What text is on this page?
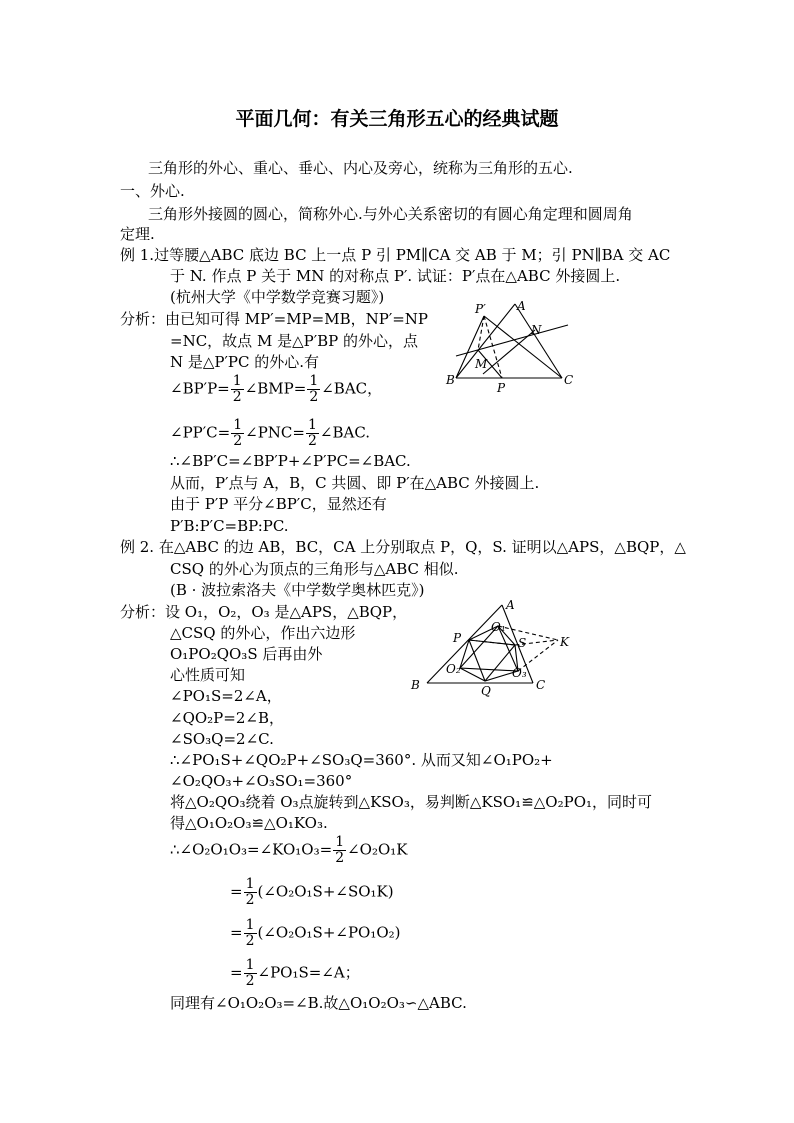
平面几何：有关三角形五心的经典试题
三角形的外心、重心、垂心、内心及旁心，统称为三角形的五心.
一、外心.
三角形外接圆的圆心，简称外心.与外心关系密切的有圆心角定理和圆周角
定理.
例 1.过等腰△ABC 底边 BC 上一点 P 引 PM∥CA 交 AB 于 M；引 PN∥BA 交 AC
于 N. 作点 P 关于 MN 的对称点 P′. 试证：P′点在△ABC 外接圆上.
(杭州大学《中学数学竞赛习题》)
分析：由已知可得 MP′=MP=MB，NP′=NP
=NC，故点 M 是△P′BP 的外心，点
N 是△P′PC 的外心.有
∠BP′P= $\frac{1}{2}$ ∠BMP= $\frac{1}{2}$ ∠BAC，
∠PP′C= $\frac{1}{2}$ ∠PNC= $\frac{1}{2}$ ∠BAC.
∴∠BP′C=∠BP′P+∠P′PC=∠BAC.
从而，P′点与 A，B，C 共圆、即 P′在△ABC 外接圆上.
由于 P′P 平分∠BP′C，显然还有
P′B:P′C=BP:PC.
P′	A
N
M
B
P
C
例 2. 在△ABC 的边 AB，BC，CA 上分别取点 P，Q，S. 证明以△APS，△BQP，△
CSQ 的外心为顶点的三角形与△ABC 相似.
(B · 波拉索洛夫《中学数学奥林匹克》)
分析：设 O₁，O₂，O₃ 是△APS，△BQP，
△CSQ 的外心，作出六边形
O₁PO₂QO₃S 后再由外
心性质可知
∠PO₁S=2∠A，
∠QO₂P=2∠B，
∠SO₃Q=2∠C.
∴∠PO₁S+∠QO₂P+∠SO₃Q=360°. 从而又知∠O₁PO₂+
∠O₂QO₃+∠O₃SO₁=360°
将△O₂QO₃绕着 O₃点旋转到△KSO₃，易判断△KSO₁≌△O₂PO₁，同时可
得△O₁O₂O₃≌△O₁KO₃.
∴∠O₂O₁O₃=∠KO₁O₃= $\frac{1}{2}$ ∠O₂O₁K
= $\frac{1}{2}$ (∠O₂O₁S+∠SO₁K)
= $\frac{1}{2}$ (∠O₂O₁S+∠PO₁O₂)
= $\frac{1}{2}$ ∠PO₁S=∠A；
同理有∠O₁O₂O₃=∠B.故△O₁O₂O₃∽△ABC.
A
P
O₁
K
S
O₂	O₃
B	Q	C
